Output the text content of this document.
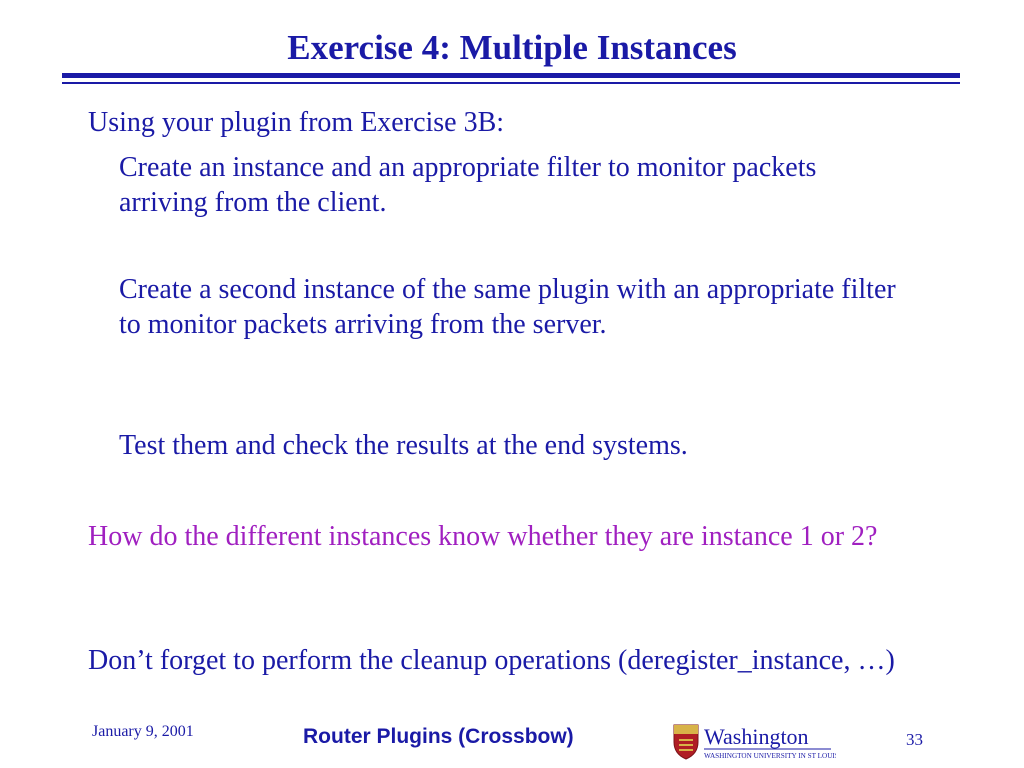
Exercise 4: Multiple Instances

Using your plugin from Exercise 3B:

Create an instance and an appropriate filter to monitor packets arriving from the client.

Create a second instance of the same plugin with an appropriate filter to monitor packets arriving from the server.

Test them and check the results at the end systems.

How do the different instances know whether they are instance 1 or 2?

Don’t forget to perform the cleanup operations (deregister_instance, …)

January 9, 2001	Router Plugins (Crossbow)	Washington
WASHINGTON UNIVERSITY IN ST LOUIS
33
